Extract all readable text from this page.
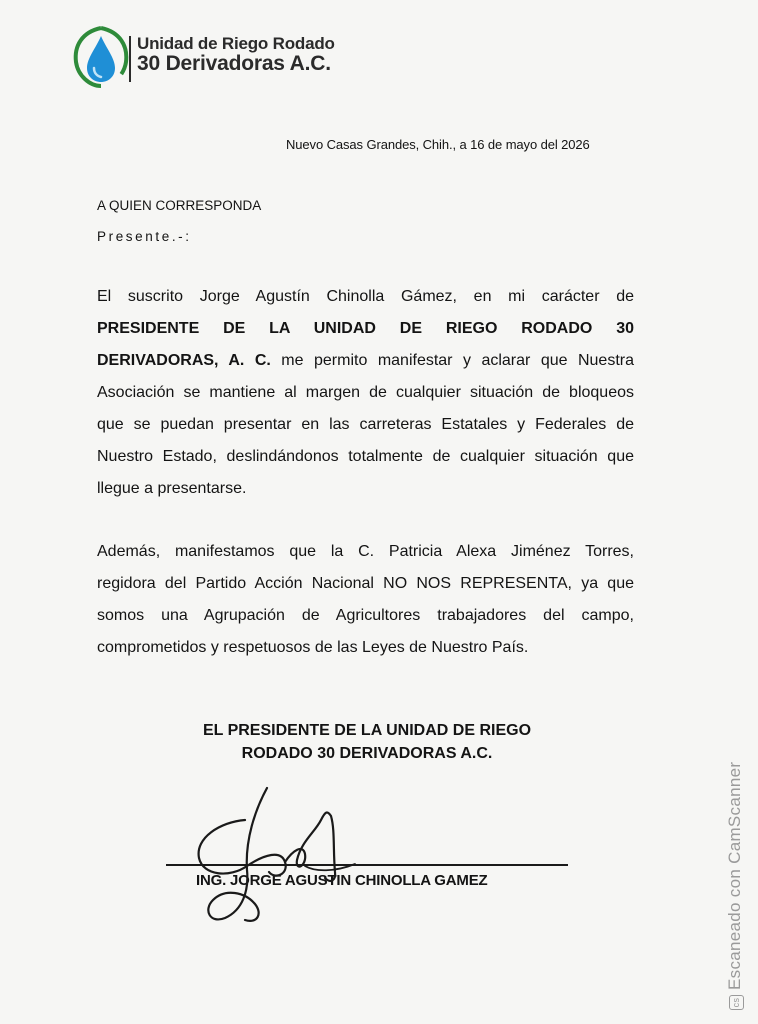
Unidad de Riego Rodado
30 Derivadoras A.C.
Nuevo Casas Grandes, Chih., a 16 de mayo del 2026
A QUIEN CORRESPONDA
Presente.-:
El suscrito Jorge Agustín Chinolla Gámez, en mi carácter de
PRESIDENTE DE LA UNIDAD DE RIEGO RODADO 30
DERIVADORAS, A. C. me permito manifestar y aclarar que Nuestra
Asociación se mantiene al margen de cualquier situación de bloqueos
que se puedan presentar en las carreteras Estatales y Federales de
Nuestro Estado, deslindándonos totalmente de cualquier situación que
llegue a presentarse.
Además, manifestamos que la C. Patricia Alexa Jiménez Torres,
regidora del Partido Acción Nacional NO NOS REPRESENTA, ya que
somos una Agrupación de Agricultores trabajadores del campo,
comprometidos y respetuosos de las Leyes de Nuestro País.
EL PRESIDENTE DE LA UNIDAD DE RIEGO
RODADO 30 DERIVADORAS A.C.
ING. JORGE AGUSTIN CHINOLLA GAMEZ
csEscaneado con CamScanner
